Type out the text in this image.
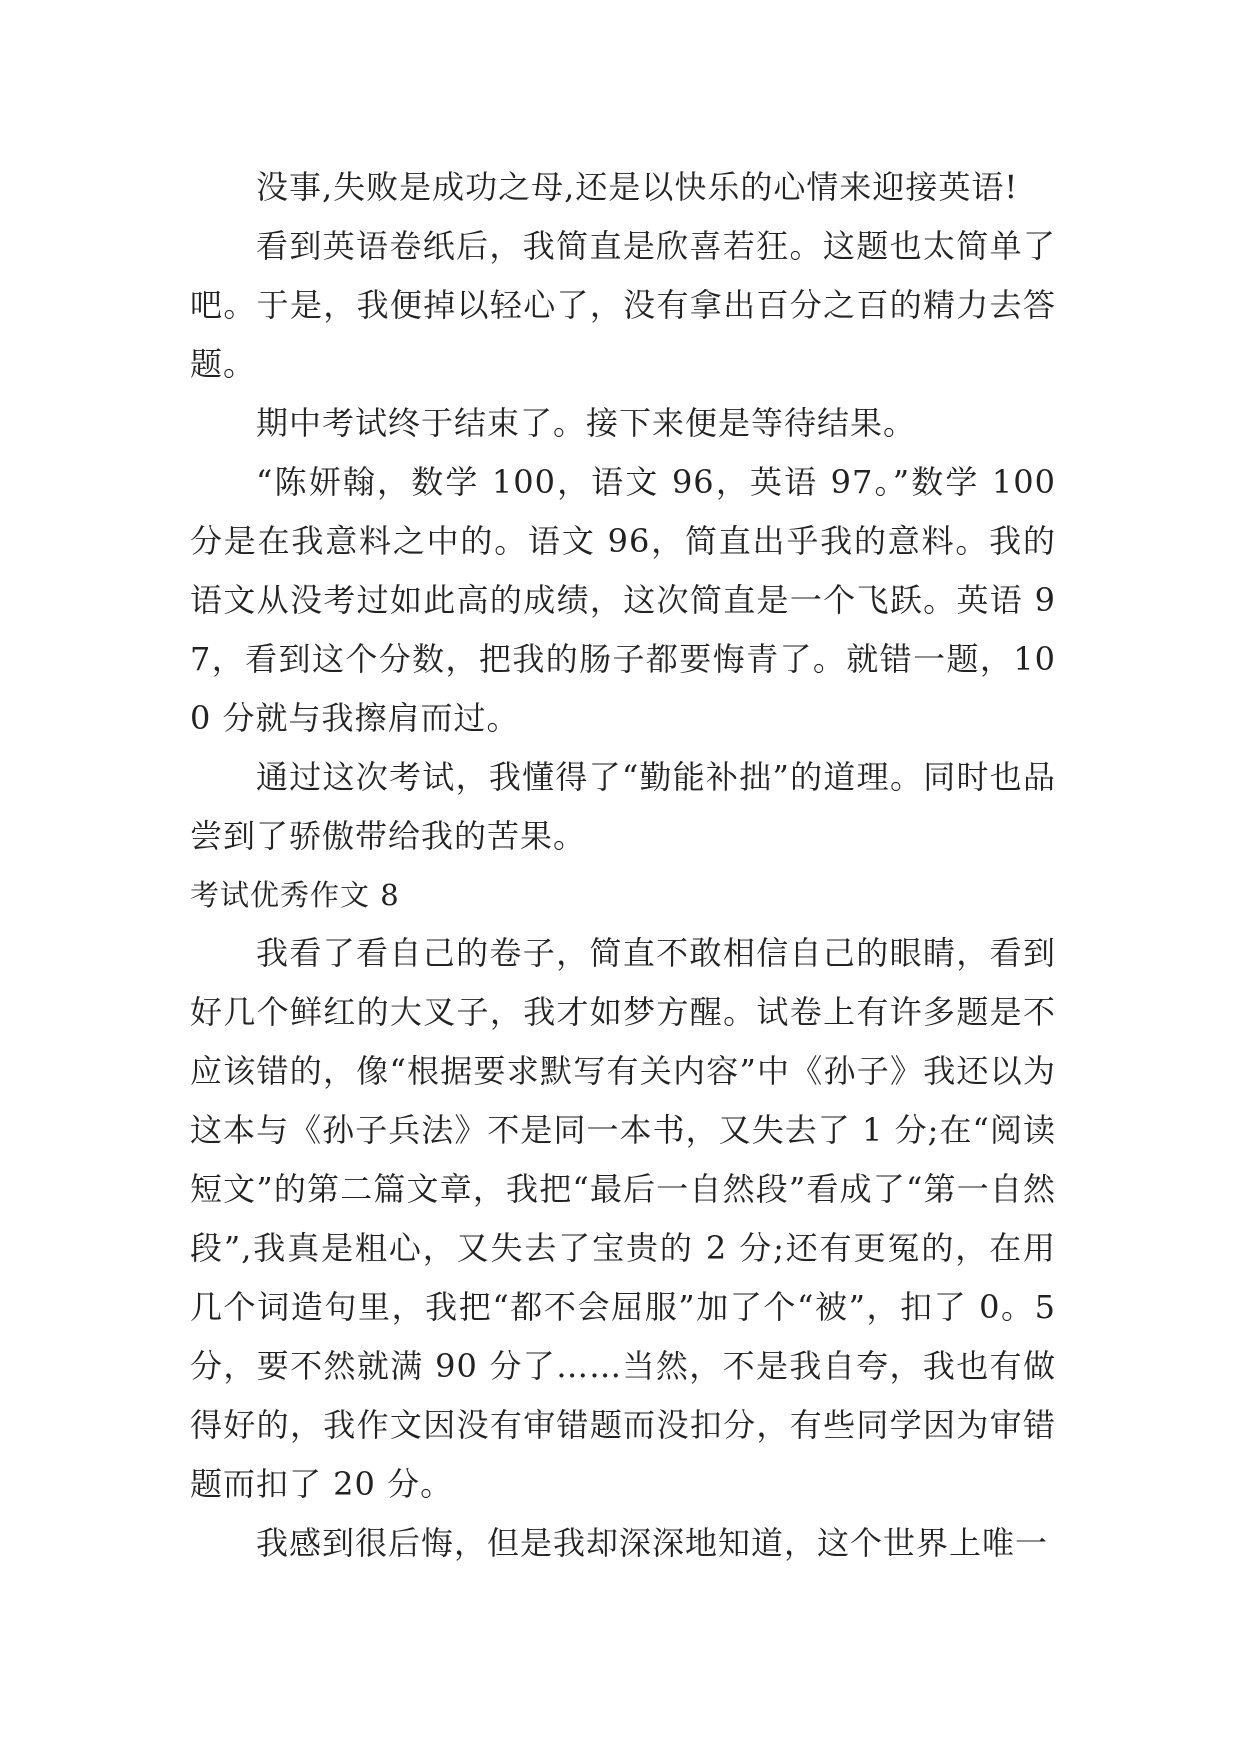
没事,失败是成功之母,还是以快乐的心情来迎接英语!

看到英语卷纸后，我简直是欣喜若狂。这题也太简单了吧。于是，我便掉以轻心了，没有拿出百分之百的精力去答题。

期中考试终于结束了。接下来便是等待结果。

“陈妍翰，数学 100，语文 96，英语 97。”数学 100 分是在我意料之中的。语文 96，简直出乎我的意料。我的语文从没考过如此高的成绩，这次简直是一个飞跃。英语 97，看到这个分数，把我的肠子都要悔青了。就错一题，100 分就与我擦肩而过。

通过这次考试，我懂得了“勤能补拙”的道理。同时也品尝到了骄傲带给我的苦果。

考试优秀作文 8

我看了看自己的卷子，简直不敢相信自己的眼睛，看到好几个鲜红的大叉子，我才如梦方醒。试卷上有许多题是不应该错的，像“根据要求默写有关内容”中《孙子》我还以为这本与《孙子兵法》不是同一本书，又失去了 1 分;在“阅读短文”的第二篇文章，我把“最后一自然段”看成了“第一自然段”,我真是粗心，又失去了宝贵的 2 分;还有更冤的，在用几个词造句里，我把“都不会屈服”加了个“被”，扣了 0。5 分，要不然就满 90 分了……当然，不是我自夸，我也有做得好的，我作文因没有审错题而没扣分，有些同学因为审错题而扣了 20 分。

我感到很后悔，但是我却深深地知道，这个世界上唯一
